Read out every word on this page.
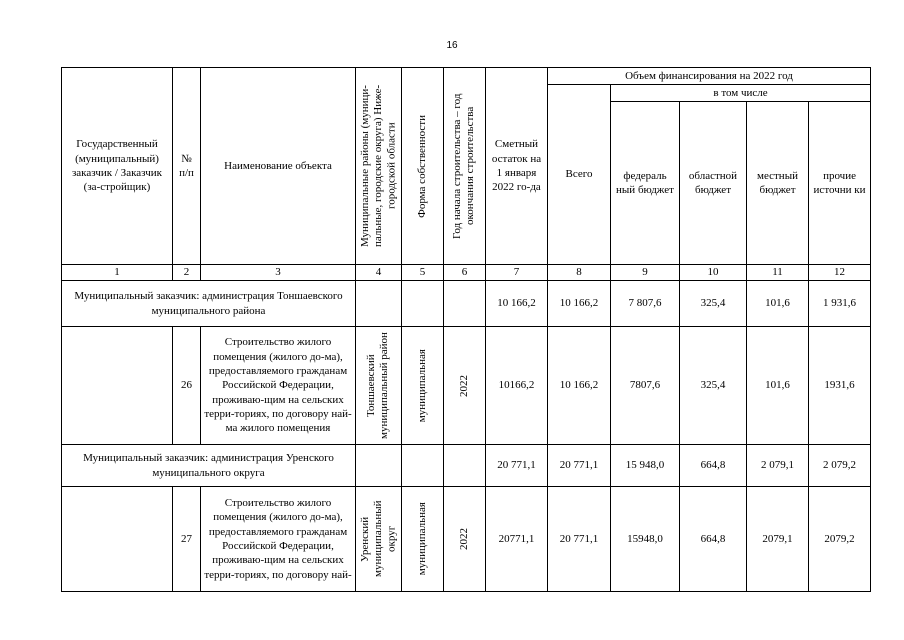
16
Государственный (муниципальный) заказчик / Заказчик (за-стройщик)	№ п/п	Наименование объекта	Муниципальные районы (муници-пальные, городские округа) Ниже-городской области	Форма собственности	Год начала строительства – год окончания строительства	Сметный остаток на 1 января 2022 го-да	Объем финансирования на 2022 год				
							Всего	в том числе			
								федераль ный бюджет	областной бюджет	местный бюджет	прочие источни ки
1	2	3	4	5	6	7	8	9	10	11	12
Муниципальный заказчик: администрация Тоншаевского муниципального района						10 166,2	10 166,2	7 807,6	325,4	101,6	1 931,6
	26	Строительство жилого помещения (жилого до-ма), предоставляемого гражданам Российской Федерации, проживаю-щим на сельских терри-ториях, по договору най-ма жилого помещения	Тоншаевский муниципальный район	муниципальная	2022	10166,2	10 166,2	7807,6	325,4	101,6	1931,6
Муниципальный заказчик: администрация Уренского муниципального округа						20 771,1	20 771,1	15 948,0	664,8	2 079,1	2 079,2
	27	Строительство жилого помещения (жилого до-ма), предоставляемого гражданам Российской Федерации, проживаю-щим на сельских терри-ториях, по договору най-	Уренский муниципальный округ	муниципальная	2022	20771,1	20 771,1	15948,0	664,8	2079,1	2079,2
